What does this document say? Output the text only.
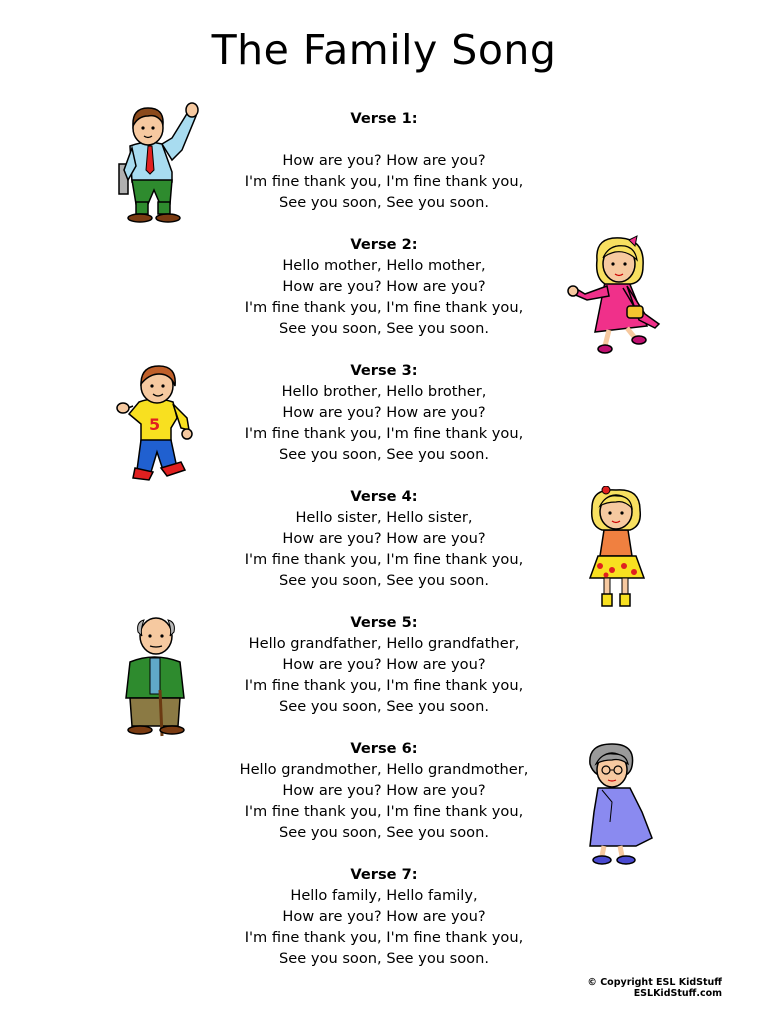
The Family Song
Verse 1:
How are you? How are you?
I'm fine thank you, I'm fine thank you,
See you soon, See you soon.
Verse 2:
Hello mother, Hello mother,
How are you? How are you?
I'm fine thank you, I'm fine thank you,
See you soon, See you soon.
Verse 3:
Hello brother, Hello brother,
How are you? How are you?
I'm fine thank you, I'm fine thank you,
See you soon, See you soon.
Verse 4:
Hello sister, Hello sister,
How are you? How are you?
I'm fine thank you, I'm fine thank you,
See you soon, See you soon.
Verse 5:
Hello grandfather, Hello grandfather,
How are you? How are you?
I'm fine thank you, I'm fine thank you,
See you soon, See you soon.
Verse 6:
Hello grandmother, Hello grandmother,
How are you? How are you?
I'm fine thank you, I'm fine thank you,
See you soon, See you soon.
Verse 7:
Hello family, Hello family,
How are you? How are you?
I'm fine thank you, I'm fine thank you,
See you soon, See you soon.
5
© Copyright ESL KidStuff
ESLKidStuff.com
